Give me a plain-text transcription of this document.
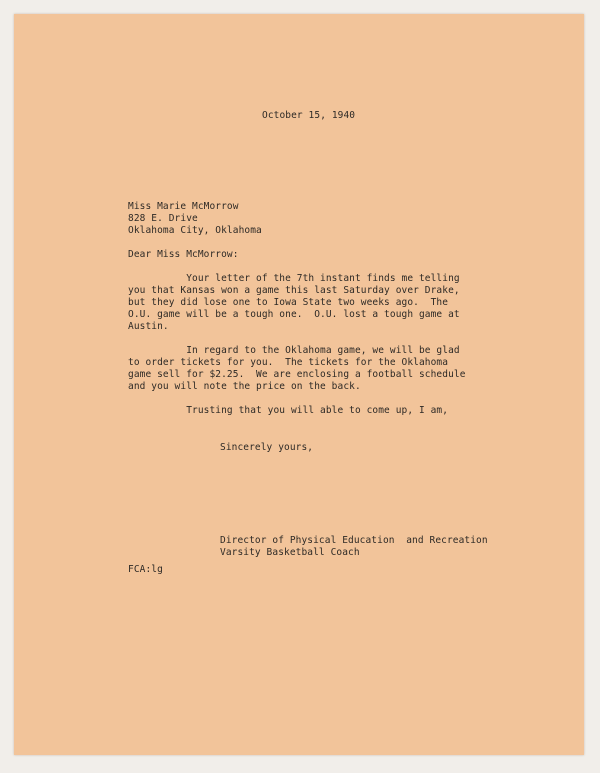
October 15, 1940
Miss Marie McMorrow
828 E. Drive
Oklahoma City, Oklahoma
Dear Miss McMorrow:
Your letter of the 7th instant finds me telling
you that Kansas won a game this last Saturday over Drake,
but they did lose one to Iowa State two weeks ago.  The
O.U. game will be a tough one.  O.U. lost a tough game at
Austin.
In regard to the Oklahoma game, we will be glad
to order tickets for you.  The tickets for the Oklahoma
game sell for $2.25.  We are enclosing a football schedule
and you will note the price on the back.
Trusting that you will able to come up, I am,
Sincerely yours,
Director of Physical Education  and Recreation
Varsity Basketball Coach
FCA:lg
